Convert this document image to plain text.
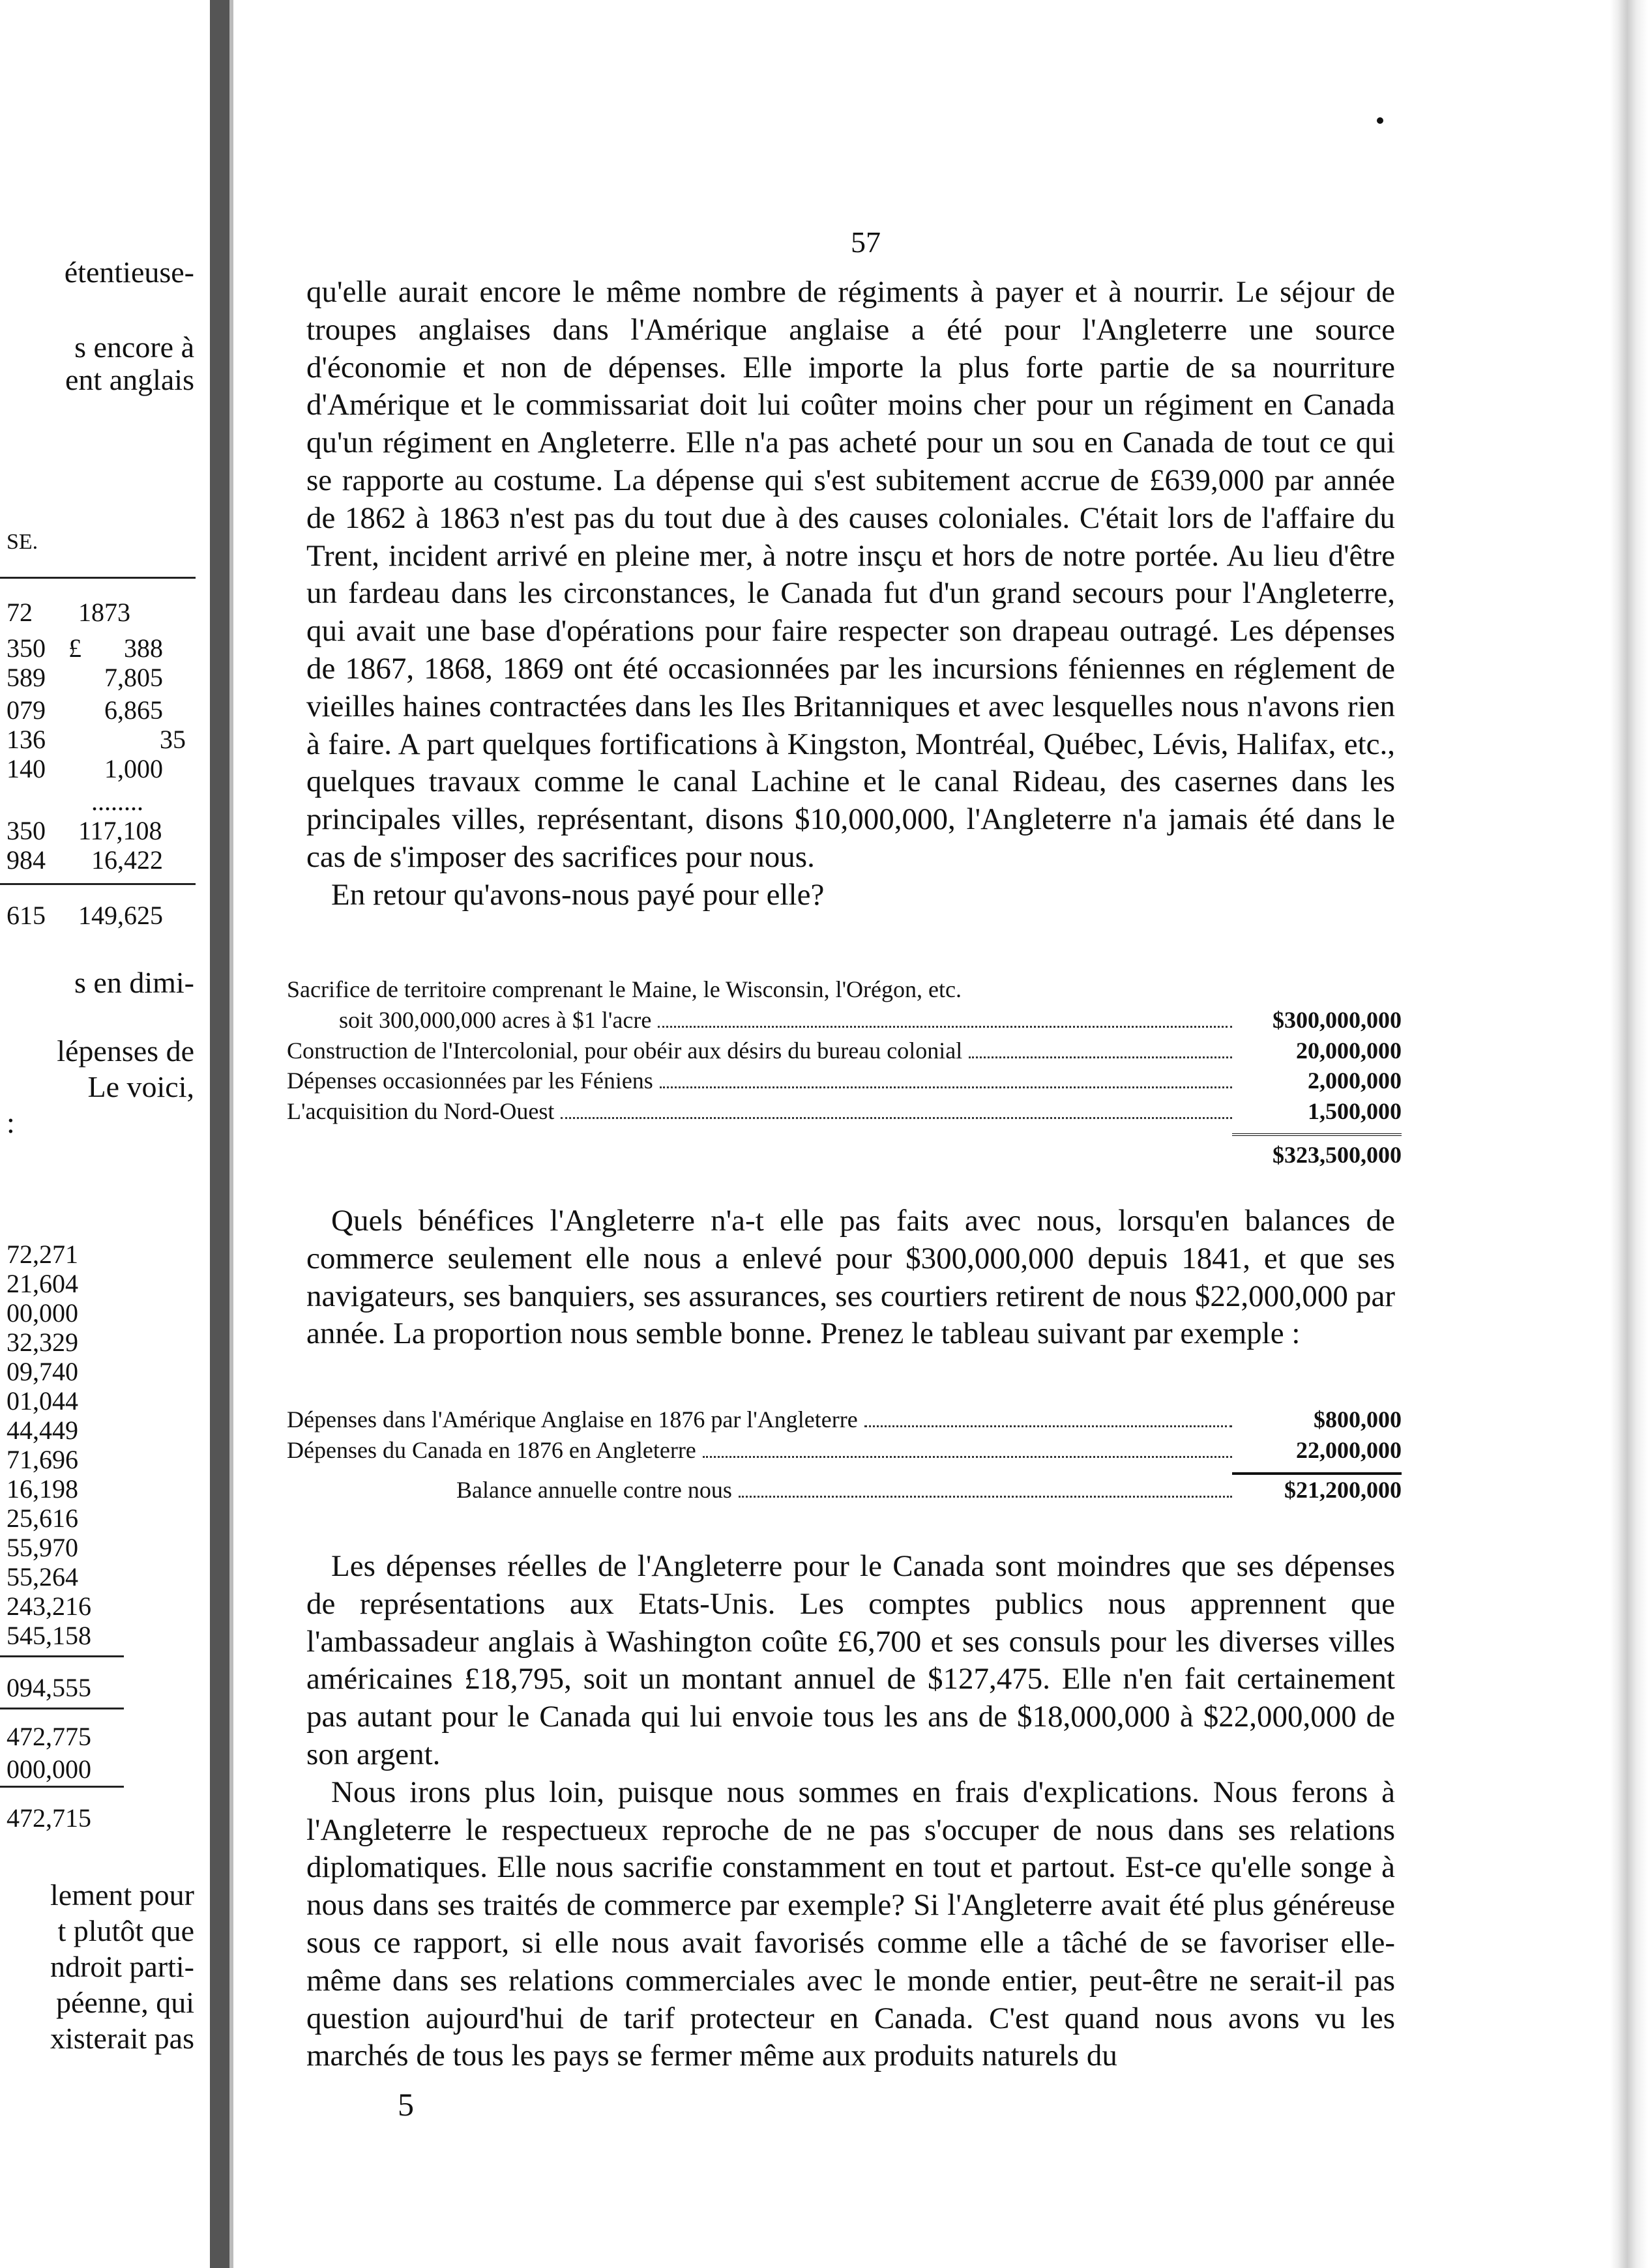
étentieuse-
s encore à
ent anglais
SE.
72 1873
350 £ 388
589 7,805
079 6,865
136	35
140 1,000
........
350 117,108
984 16,422
615 149,625
s en dimi-
lépenses de
Le voici,
:
72,271
21,604
00,000
32,329
09,740
01,044
44,449
71,696
16,198
25,616
55,970
55,264
243,216
545,158
094,555
472,775
000,000
472,715
lement pour
t plutôt que
ndroit parti-
péenne, qui
xisterait pas
57

qu'elle aurait encore le même nombre de régiments à payer et à nourrir. Le séjour de troupes anglaises dans l'Amérique anglaise a été pour l'Angleterre une source d'économie et non de dépenses. Elle importe la plus forte partie de sa nourriture d'Amérique et le commissariat doit lui coûter moins cher pour un régiment en Canada qu'un régiment en Angleterre. Elle n'a pas acheté pour un sou en Canada de tout ce qui se rapporte au costume. La dépense qui s'est subitement accrue de £639,000 par année de 1862 à 1863 n'est pas du tout due à des causes coloniales. C'était lors de l'affaire du Trent, incident arrivé en pleine mer, à notre insçu et hors de notre portée. Au lieu d'être un fardeau dans les circonstances, le Canada fut d'un grand secours pour l'Angleterre, qui avait une base d'opérations pour faire respecter son drapeau outragé. Les dépenses de 1867, 1868, 1869 ont été occasionnées par les incursions féniennes en réglement de vieilles haines contractées dans les Iles Britanniques et avec lesquelles nous n'avons rien à faire. A part quelques fortifications à Kingston, Montréal, Québec, Lévis, Halifax, etc., quelques travaux comme le canal Lachine et le canal Rideau, des casernes dans les principales villes, représentant, disons $10,000,000, l'Angleterre n'a jamais été dans le cas de s'imposer des sacrifices pour nous.

En retour qu'avons-nous payé pour elle?

Sacrifice de territoire comprenant le Maine, le Wisconsin, l'Orégon, etc.
soit 300,000,000 acres à $1 l'acre	$300,000,000
Construction de l'Intercolonial, pour obéir aux désirs du bureau colonial	20,000,000
Dépenses occasionnées par les Féniens	2,000,000
L'acquisition du Nord-Ouest	1,500,000
$323,500,000

Quels bénéfices l'Angleterre n'a-t elle pas faits avec nous, lorsqu'en balances de commerce seulement elle nous a enlevé pour $300,000,000 depuis 1841, et que ses navigateurs, ses banquiers, ses assurances, ses courtiers retirent de nous $22,000,000 par année. La proportion nous semble bonne. Prenez le tableau suivant par exemple :

Dépenses dans l'Amérique Anglaise en 1876 par l'Angleterre	$800,000
Dépenses du Canada en 1876 en Angleterre	22,000,000
Balance annuelle contre nous	$21,200,000

Les dépenses réelles de l'Angleterre pour le Canada sont moindres que ses dépenses de représentations aux Etats-Unis. Les comptes publics nous apprennent que l'ambassadeur anglais à Washington coûte £6,700 et ses consuls pour les diverses villes américaines £18,795, soit un montant annuel de $127,475. Elle n'en fait certainement pas autant pour le Canada qui lui envoie tous les ans de $18,000,000 à $22,000,000 de son argent.

Nous irons plus loin, puisque nous sommes en frais d'explications. Nous ferons à l'Angleterre le respectueux reproche de ne pas s'occuper de nous dans ses relations diplomatiques. Elle nous sacrifie constamment en tout et partout. Est-ce qu'elle songe à nous dans ses traités de commerce par exemple? Si l'Angleterre avait été plus généreuse sous ce rapport, si elle nous avait favorisés comme elle a tâché de se favoriser elle-même dans ses relations commerciales avec le monde entier, peut-être ne serait-il pas question aujourd'hui de tarif protecteur en Canada. C'est quand nous avons vu les marchés de tous les pays se fermer même aux produits naturels du

5
